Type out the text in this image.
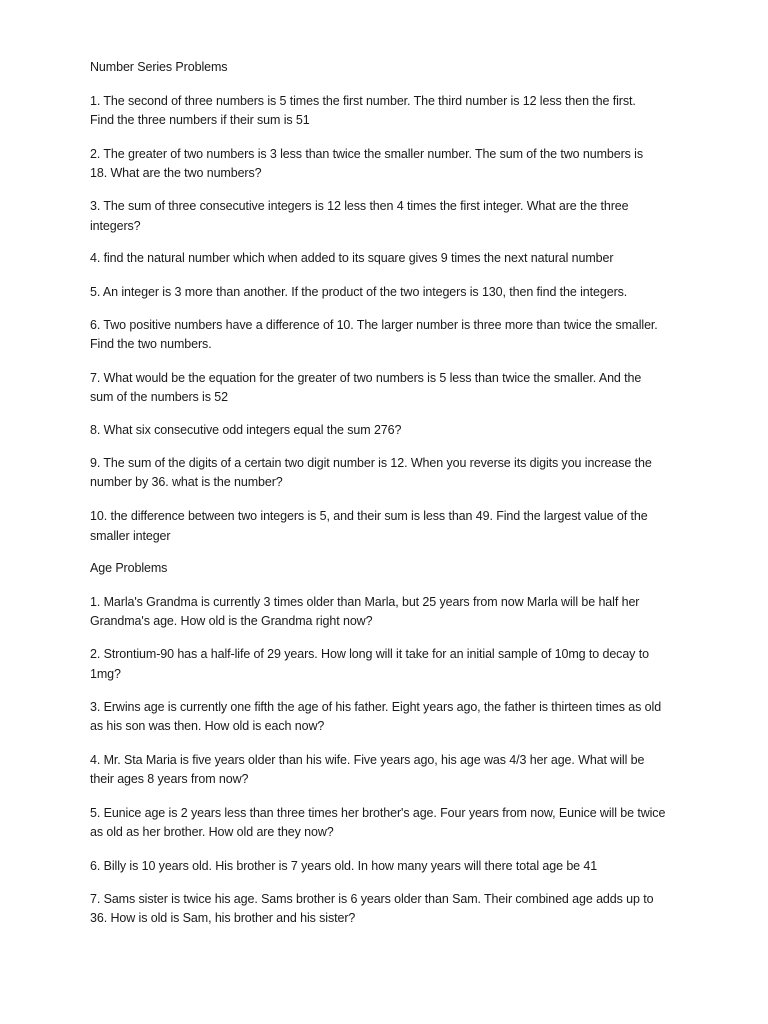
Number Series Problems
1. The second of three numbers is 5 times the first number. The third number is 12 less then the first.
Find the three numbers if their sum is 51
2. The greater of two numbers is 3 less than twice the smaller number. The sum of the two numbers is
18. What are the two numbers?
3. The sum of three consecutive integers is 12 less then 4 times the first integer. What are the three
integers?
4. find the natural number which when added to its square gives 9 times the next natural number
5. An integer is 3 more than another. If the product of the two integers is 130, then find the integers.
6. Two positive numbers have a difference of 10. The larger number is three more than twice the smaller.
Find the two numbers.
7. What would be the equation for the greater of two numbers is 5 less than twice the smaller. And the
sum of the numbers is 52
8. What six consecutive odd integers equal the sum 276?
9. The sum of the digits of a certain two digit number is 12. When you reverse its digits you increase the
number by 36. what is the number?
10. the difference between two integers is 5, and their sum is less than 49. Find the largest value of the
smaller integer
Age Problems
1. Marla's Grandma is currently 3 times older than Marla, but 25 years from now Marla will be half her
Grandma's age. How old is the Grandma right now?
2. Strontium-90 has a half-life of 29 years. How long will it take for an initial sample of 10mg to decay to
1mg?
3. Erwins age is currently one fifth the age of his father. Eight years ago, the father is thirteen times as old
as his son was then. How old is each now?
4. Mr. Sta Maria is five years older than his wife. Five years ago, his age was 4/3 her age. What will be
their ages 8 years from now?
5. Eunice age is 2 years less than three times her brother's age. Four years from now, Eunice will be twice
as old as her brother. How old are they now?
6. Billy is 10 years old. His brother is 7 years old. In how many years will there total age be 41
7. Sams sister is twice his age. Sams brother is 6 years older than Sam. Their combined age adds up to
36. How is old is Sam, his brother and his sister?
